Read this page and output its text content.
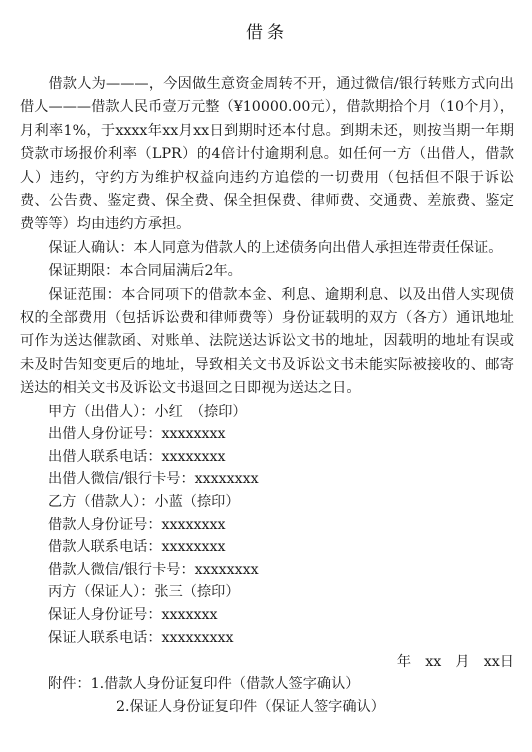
借条

借款人为———，今因做生意资金周转不开，通过微信/银行转账方式向出借人———借款人民币壹万元整（¥10000.00元），借款期拾个月（10个月），月利率1%，于xxxx年xx月xx日到期时还本付息。到期未还，则按当期一年期贷款市场报价利率（LPR）的4倍计付逾期利息。如任何一方（出借人，借款人）违约，守约方为维护权益向违约方追偿的一切费用（包括但不限于诉讼费、公告费、鉴定费、保全费、保全担保费、律师费、交通费、差旅费、鉴定费等等）均由违约方承担。

保证人确认：本人同意为借款人的上述债务向出借人承担连带责任保证。

保证期限：本合同届满后2年。

保证范围：本合同项下的借款本金、利息、逾期利息、以及出借人实现债权的全部费用（包括诉讼费和律师费等）身份证载明的双方（各方）通讯地址可作为送达催款函、对账单、法院送达诉讼文书的地址，因载明的地址有误或未及时告知变更后的地址，导致相关文书及诉讼文书未能实际被接收的、邮寄送达的相关文书及诉讼文书退回之日即视为送达之日。

甲方（出借人）：小红　（捺印）
出借人身份证号：xxxxxxxx
出借人联系电话：xxxxxxxx
出借人微信/银行卡号：xxxxxxxx
乙方（借款人）：小蓝（捺印）
借款人身份证号：xxxxxxxx
借款人联系电话：xxxxxxxx
借款人微信/银行卡号：xxxxxxxx
丙方（保证人）：张三（捺印）
保证人身份证号：xxxxxxx
保证人联系电话：xxxxxxxxx
年　xx　月　xx日
附件：1.借款人身份证复印件（借款人签字确认）
2.保证人身份证复印件（保证人签字确认）
